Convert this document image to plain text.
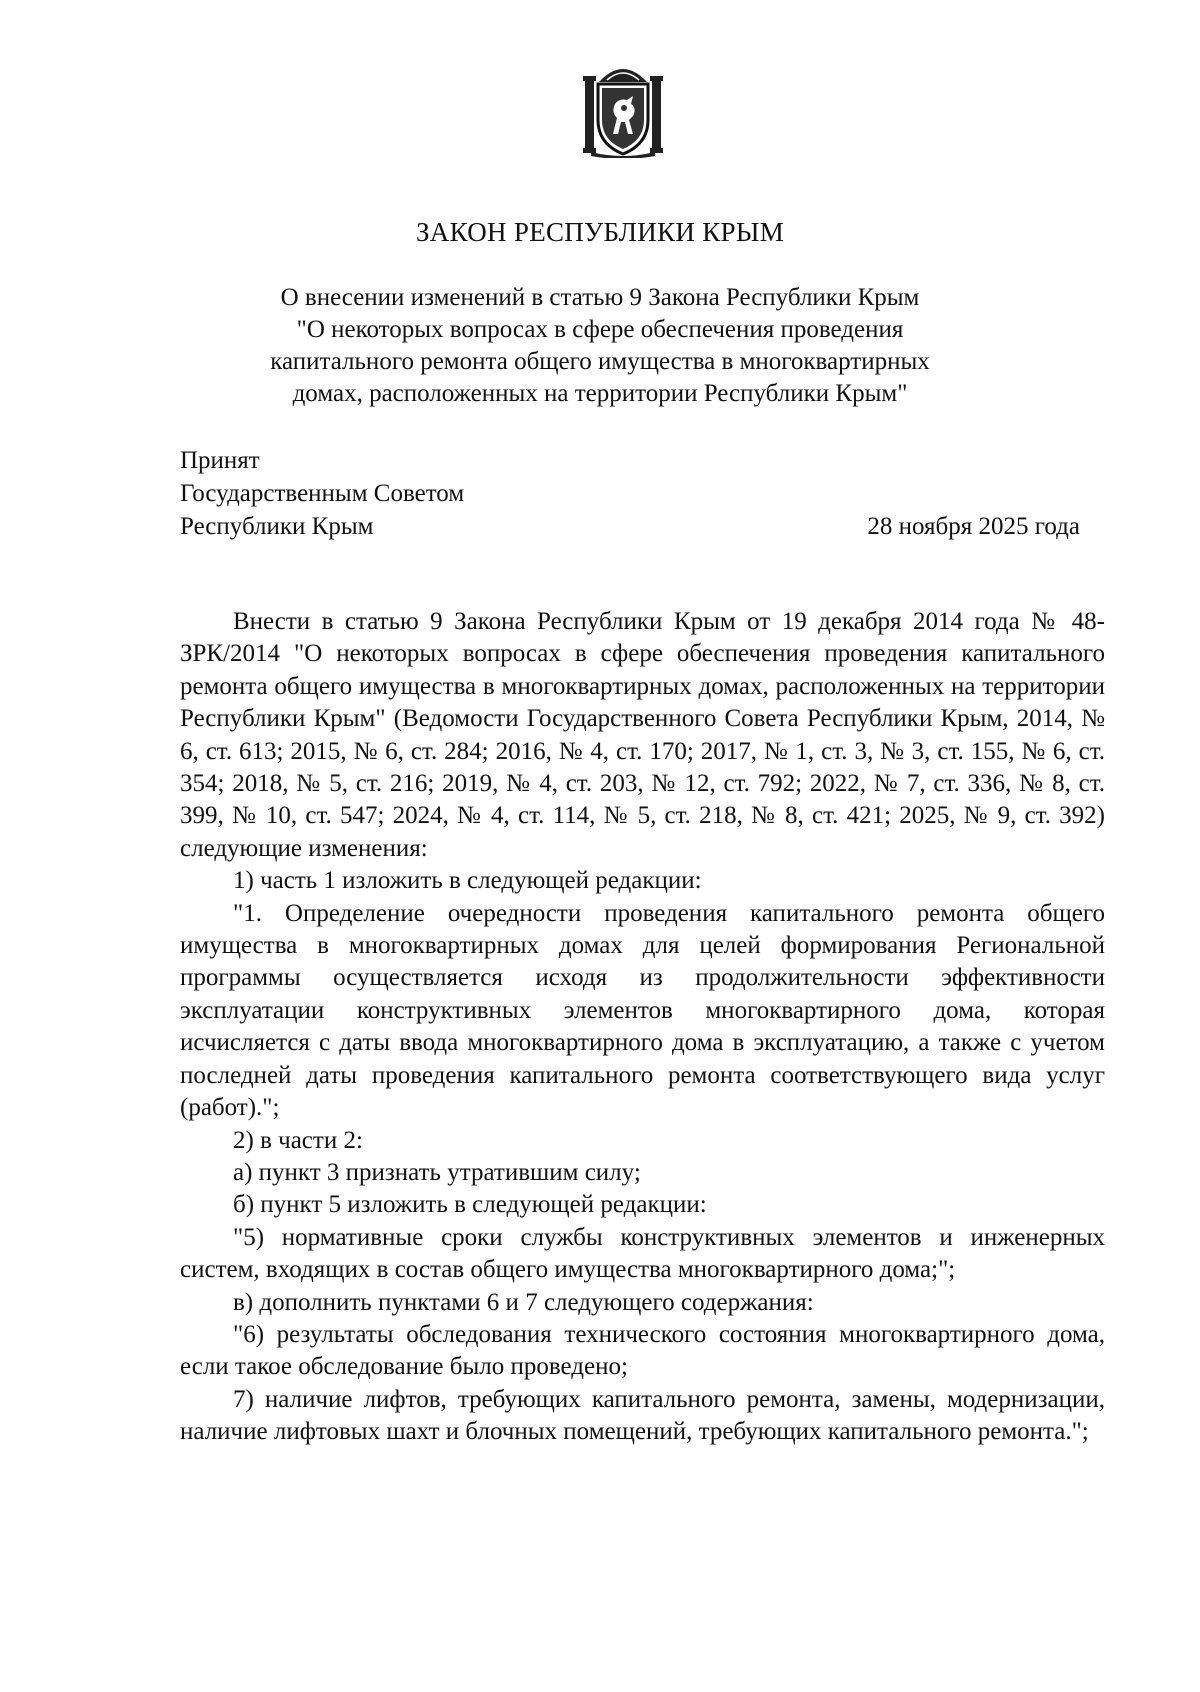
ЗАКОН РЕСПУБЛИКИ КРЫМ
О внесении изменений в статью 9 Закона Республики Крым
"О некоторых вопросах в сфере обеспечения проведения
капитального ремонта общего имущества в многоквартирных
домах, расположенных на территории Республики Крым"
Принят
Государственным Советом
Республики Крым	28 ноября 2025 года

Внести в статью 9 Закона Республики Крым от 19 декабря 2014 года № 48-ЗРК/2014 "О некоторых вопросах в сфере обеспечения проведения капитального ремонта общего имущества в многоквартирных домах, расположенных на территории Республики Крым" (Ведомости Государственного Совета Республики Крым, 2014, № 6, ст. 613; 2015, № 6, ст. 284; 2016, № 4, ст. 170; 2017, № 1, ст. 3, № 3, ст. 155, № 6, ст. 354; 2018, № 5, ст. 216; 2019, № 4, ст. 203, № 12, ст. 792; 2022, № 7, ст. 336, № 8, ст. 399, № 10, ст. 547; 2024, № 4, ст. 114, № 5, ст. 218, № 8, ст. 421; 2025, № 9, ст. 392) следующие изменения:

1) часть 1 изложить в следующей редакции:

"1. Определение очередности проведения капитального ремонта общего имущества в многоквартирных домах для целей формирования Региональной программы осуществляется исходя из продолжительности эффективности эксплуатации конструктивных элементов многоквартирного дома, которая исчисляется с даты ввода многоквартирного дома в эксплуатацию, а также с учетом последней даты проведения капитального ремонта соответствующего вида услуг (работ).";

2) в части 2:

а) пункт 3 признать утратившим силу;

б) пункт 5 изложить в следующей редакции:

"5) нормативные сроки службы конструктивных элементов и инженерных систем, входящих в состав общего имущества многоквартирного дома;";

в) дополнить пунктами 6 и 7 следующего содержания:

"6) результаты обследования технического состояния многоквартирного дома, если такое обследование было проведено;

7) наличие лифтов, требующих капитального ремонта, замены, модернизации, наличие лифтовых шахт и блочных помещений, требующих капитального ремонта.";
